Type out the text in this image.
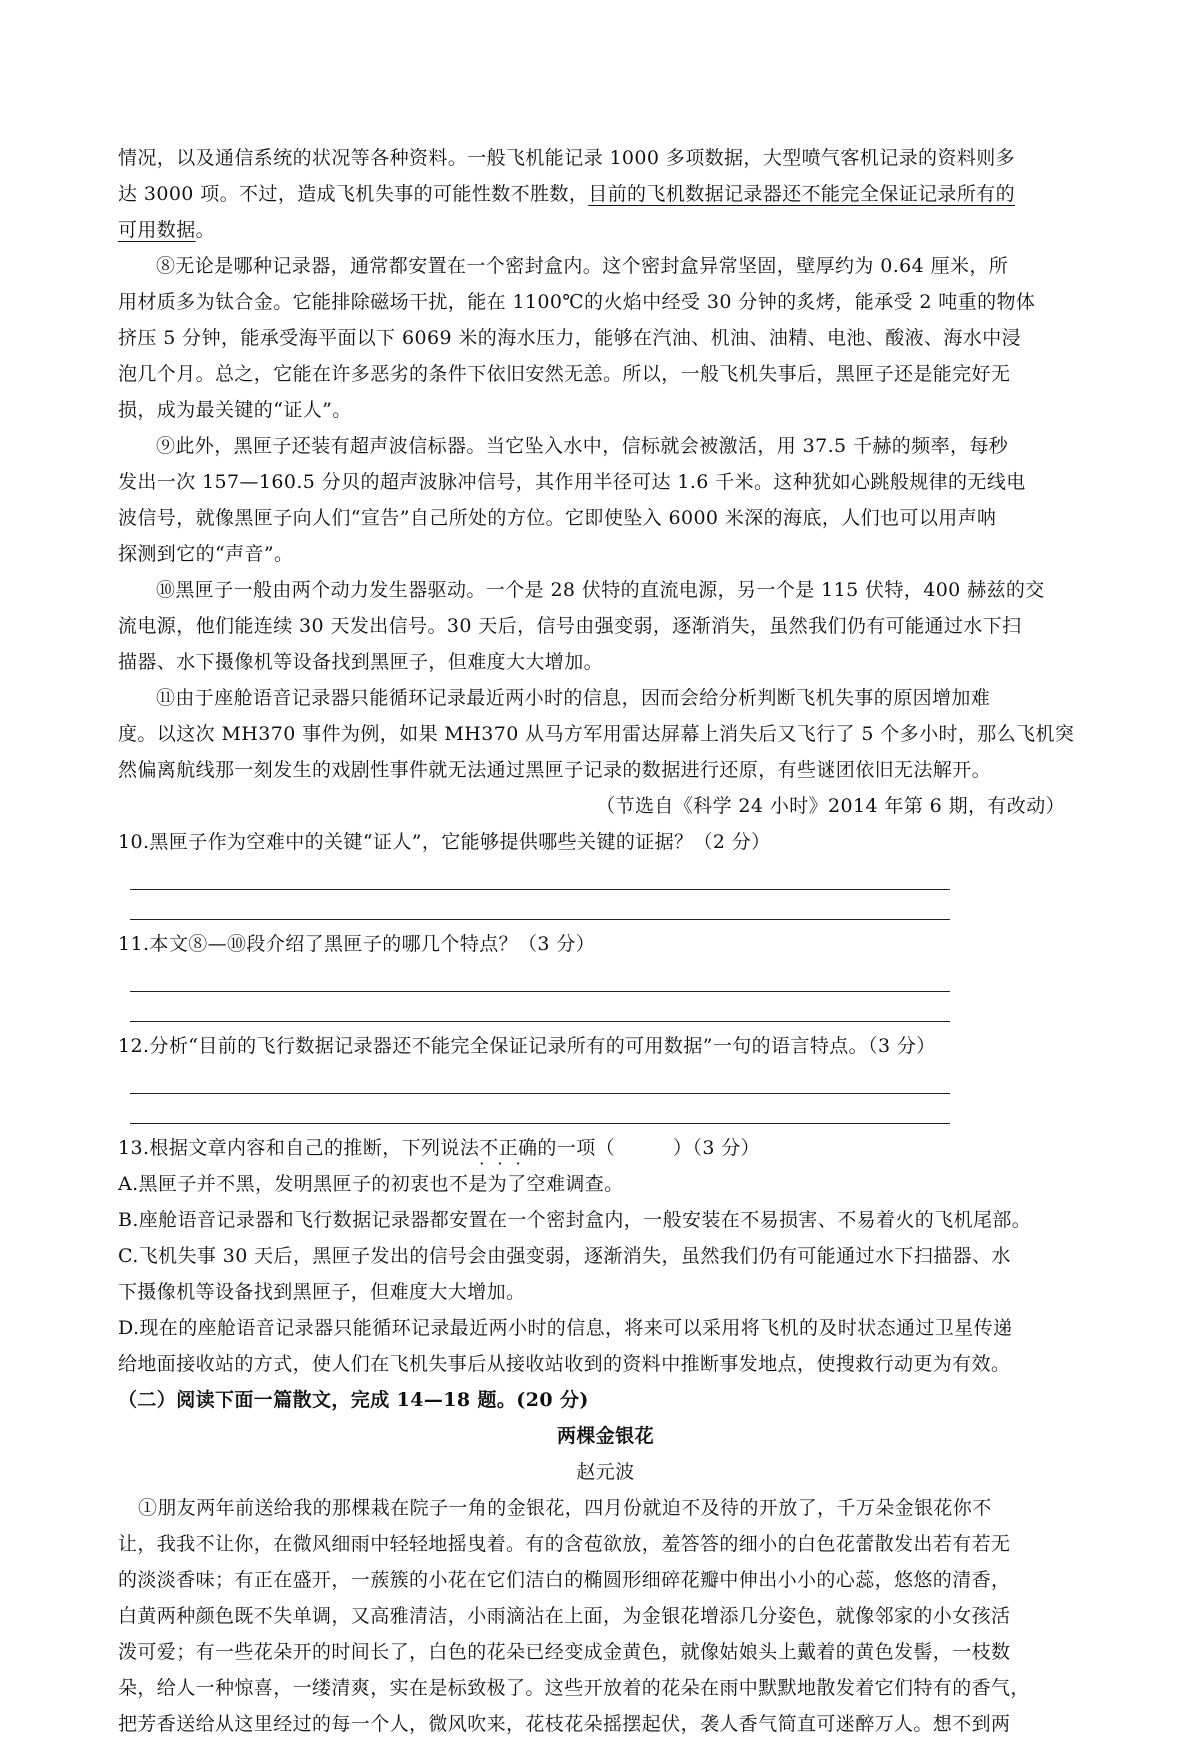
情况，以及通信系统的状况等各种资料。一般飞机能记录 1000 多项数据，大型喷气客机记录的资料则多
达 3000 项。不过，造成飞机失事的可能性数不胜数，目前的飞机数据记录器还不能完全保证记录所有的
可用数据。
⑧无论是哪种记录器，通常都安置在一个密封盒内。这个密封盒异常坚固，壁厚约为 0.64 厘米，所
用材质多为钛合金。它能排除磁场干扰，能在 1100℃的火焰中经受 30 分钟的炙烤，能承受 2 吨重的物体
挤压 5 分钟，能承受海平面以下 6069 米的海水压力，能够在汽油、机油、油精、电池、酸液、海水中浸
泡几个月。总之，它能在许多恶劣的条件下依旧安然无恙。所以，一般飞机失事后，黑匣子还是能完好无
损，成为最关键的“证人”。
⑨此外，黑匣子还装有超声波信标器。当它坠入水中，信标就会被激活，用 37.5 千赫的频率，每秒
发出一次 157—160.5 分贝的超声波脉冲信号，其作用半径可达 1.6 千米。这种犹如心跳般规律的无线电
波信号，就像黑匣子向人们“宣告”自己所处的方位。它即使坠入 6000 米深的海底，人们也可以用声呐
探测到它的“声音”。
⑩黑匣子一般由两个动力发生器驱动。一个是 28 伏特的直流电源，另一个是 115 伏特，400 赫兹的交
流电源，他们能连续 30 天发出信号。30 天后，信号由强变弱，逐渐消失，虽然我们仍有可能通过水下扫
描器、水下摄像机等设备找到黑匣子，但难度大大增加。
⑪由于座舱语音记录器只能循环记录最近两小时的信息，因而会给分析判断飞机失事的原因增加难
度。以这次 MH370 事件为例，如果 MH370 从马方军用雷达屏幕上消失后又飞行了 5 个多小时，那么飞机突
然偏离航线那一刻发生的戏剧性事件就无法通过黑匣子记录的数据进行还原，有些谜团依旧无法解开。
（节选自《科学 24 小时》2014 年第 6 期，有改动）
10.黑匣子作为空难中的关键“证人”，它能够提供哪些关键的证据？（2 分）
11.本文⑧—⑩段介绍了黑匣子的哪几个特点？（3 分）
12.分析“目前的飞行数据记录器还不能完全保证记录所有的可用数据”一句的语言特点。（3 分）
13.根据文章内容和自己的推断，下列说法不正确 · · ·的一项（	）（3 分）
A.黑匣子并不黑，发明黑匣子的初衷也不是为了空难调查。
B.座舱语音记录器和飞行数据记录器都安置在一个密封盒内，一般安装在不易损害、不易着火的飞机尾部。
C.飞机失事 30 天后，黑匣子发出的信号会由强变弱，逐渐消失，虽然我们仍有可能通过水下扫描器、水
下摄像机等设备找到黑匣子，但难度大大增加。
D.现在的座舱语音记录器只能循环记录最近两小时的信息，将来可以采用将飞机的及时状态通过卫星传递
给地面接收站的方式，使人们在飞机失事后从接收站收到的资料中推断事发地点，使搜救行动更为有效。
（二）阅读下面一篇散文，完成 14—18 题。(20 分)
两棵金银花
赵元波
①朋友两年前送给我的那棵栽在院子一角的金银花，四月份就迫不及待的开放了，千万朵金银花你不
让，我我不让你，在微风细雨中轻轻地摇曳着。有的含苞欲放，羞答答的细小的白色花蕾散发出若有若无
的淡淡香味；有正在盛开，一蔟簇的小花在它们洁白的椭圆形细碎花瓣中伸出小小的心蕊，悠悠的清香，
白黄两种颜色既不失单调，又高雅清洁，小雨滴沾在上面，为金银花增添几分姿色，就像邻家的小女孩活
泼可爱；有一些花朵开的时间长了，白色的花朵已经变成金黄色，就像姑娘头上戴着的黄色发髻，一枝数
朵，给人一种惊喜，一缕清爽，实在是标致极了。这些开放着的花朵在雨中默默地散发着它们特有的香气，
把芳香送给从这里经过的每一个人，微风吹来，花枝花朵摇摆起伏，袭人香气简直可迷醉万人。想不到两
